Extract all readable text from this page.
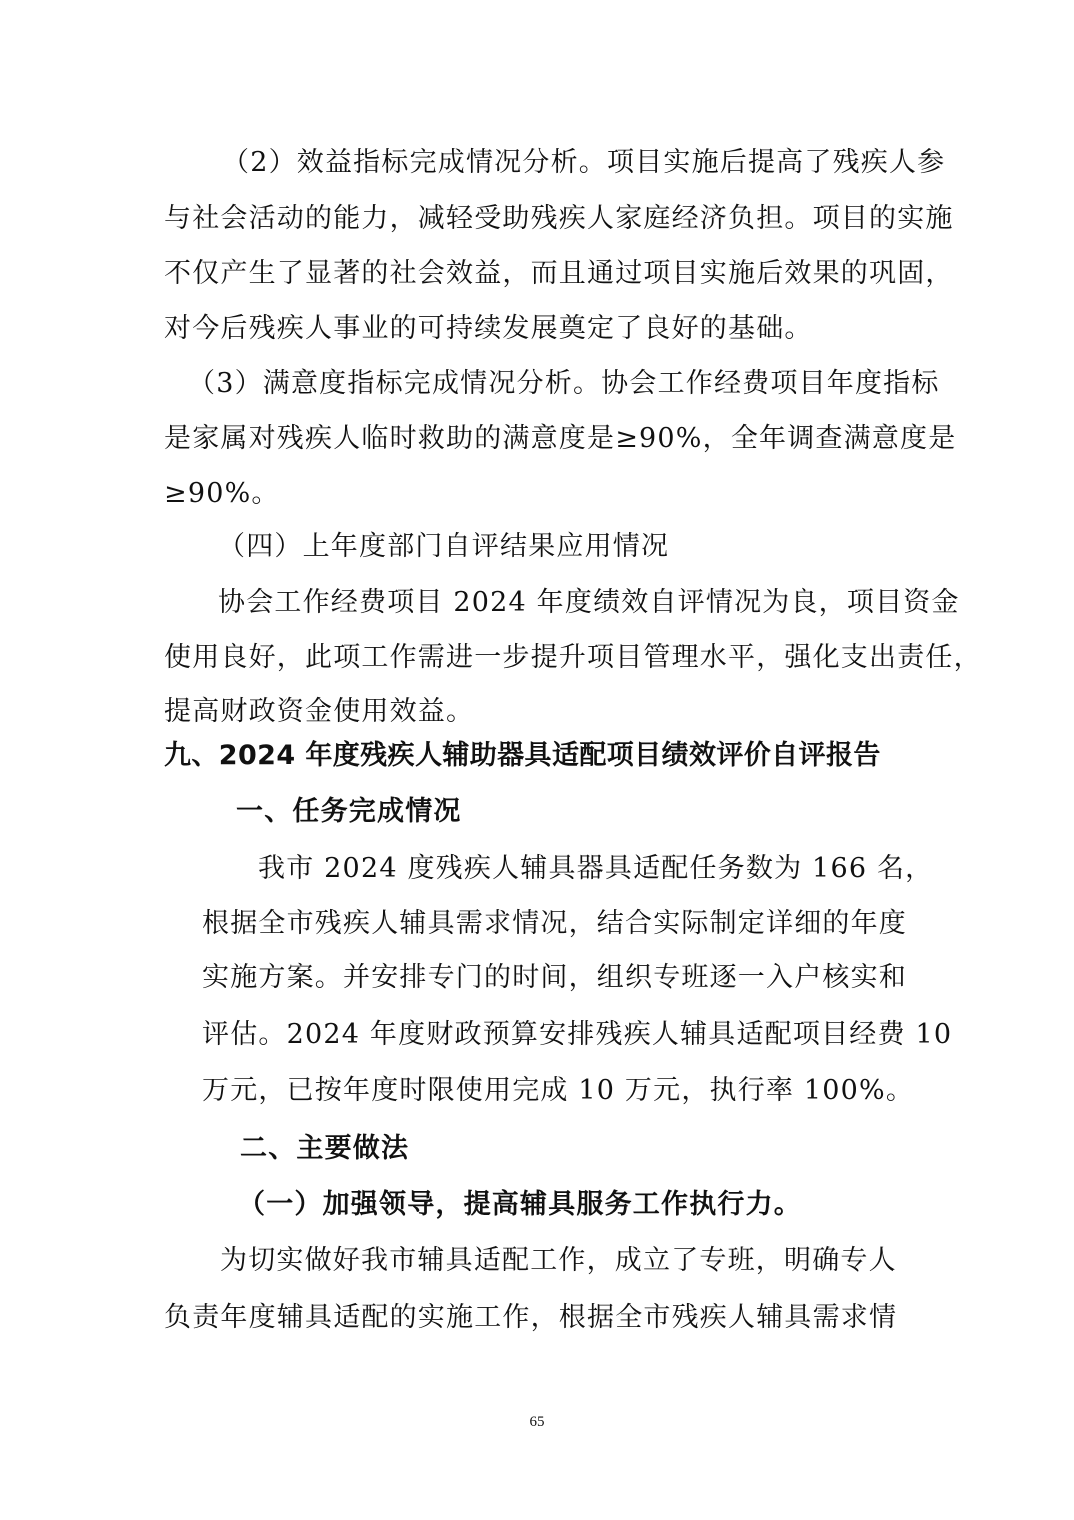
（2）效益指标完成情况分析。项目实施后提高了残疾人参
与社会活动的能力，减轻受助残疾人家庭经济负担。项目的实施
不仅产生了显著的社会效益，而且通过项目实施后效果的巩固，
对今后残疾人事业的可持续发展奠定了良好的基础。
（3）满意度指标完成情况分析。协会工作经费项目年度指标
是家属对残疾人临时救助的满意度是≥90%，全年调查满意度是
≥90%。
（四）上年度部门自评结果应用情况
协会工作经费项目 2024 年度绩效自评情况为良，项目资金
使用良好，此项工作需进一步提升项目管理水平，强化支出责任，
提高财政资金使用效益。
九、2024 年度残疾人辅助器具适配项目绩效评价自评报告
一、任务完成情况
我市 2024 度残疾人辅具器具适配任务数为 166 名，
根据全市残疾人辅具需求情况，结合实际制定详细的年度
实施方案。并安排专门的时间，组织专班逐一入户核实和
评估。2024 年度财政预算安排残疾人辅具适配项目经费 10
万元，已按年度时限使用完成 10 万元，执行率 100%。
二、主要做法
（一）加强领导，提高辅具服务工作执行力。
为切实做好我市辅具适配工作，成立了专班，明确专人
负责年度辅具适配的实施工作，根据全市残疾人辅具需求情
65
